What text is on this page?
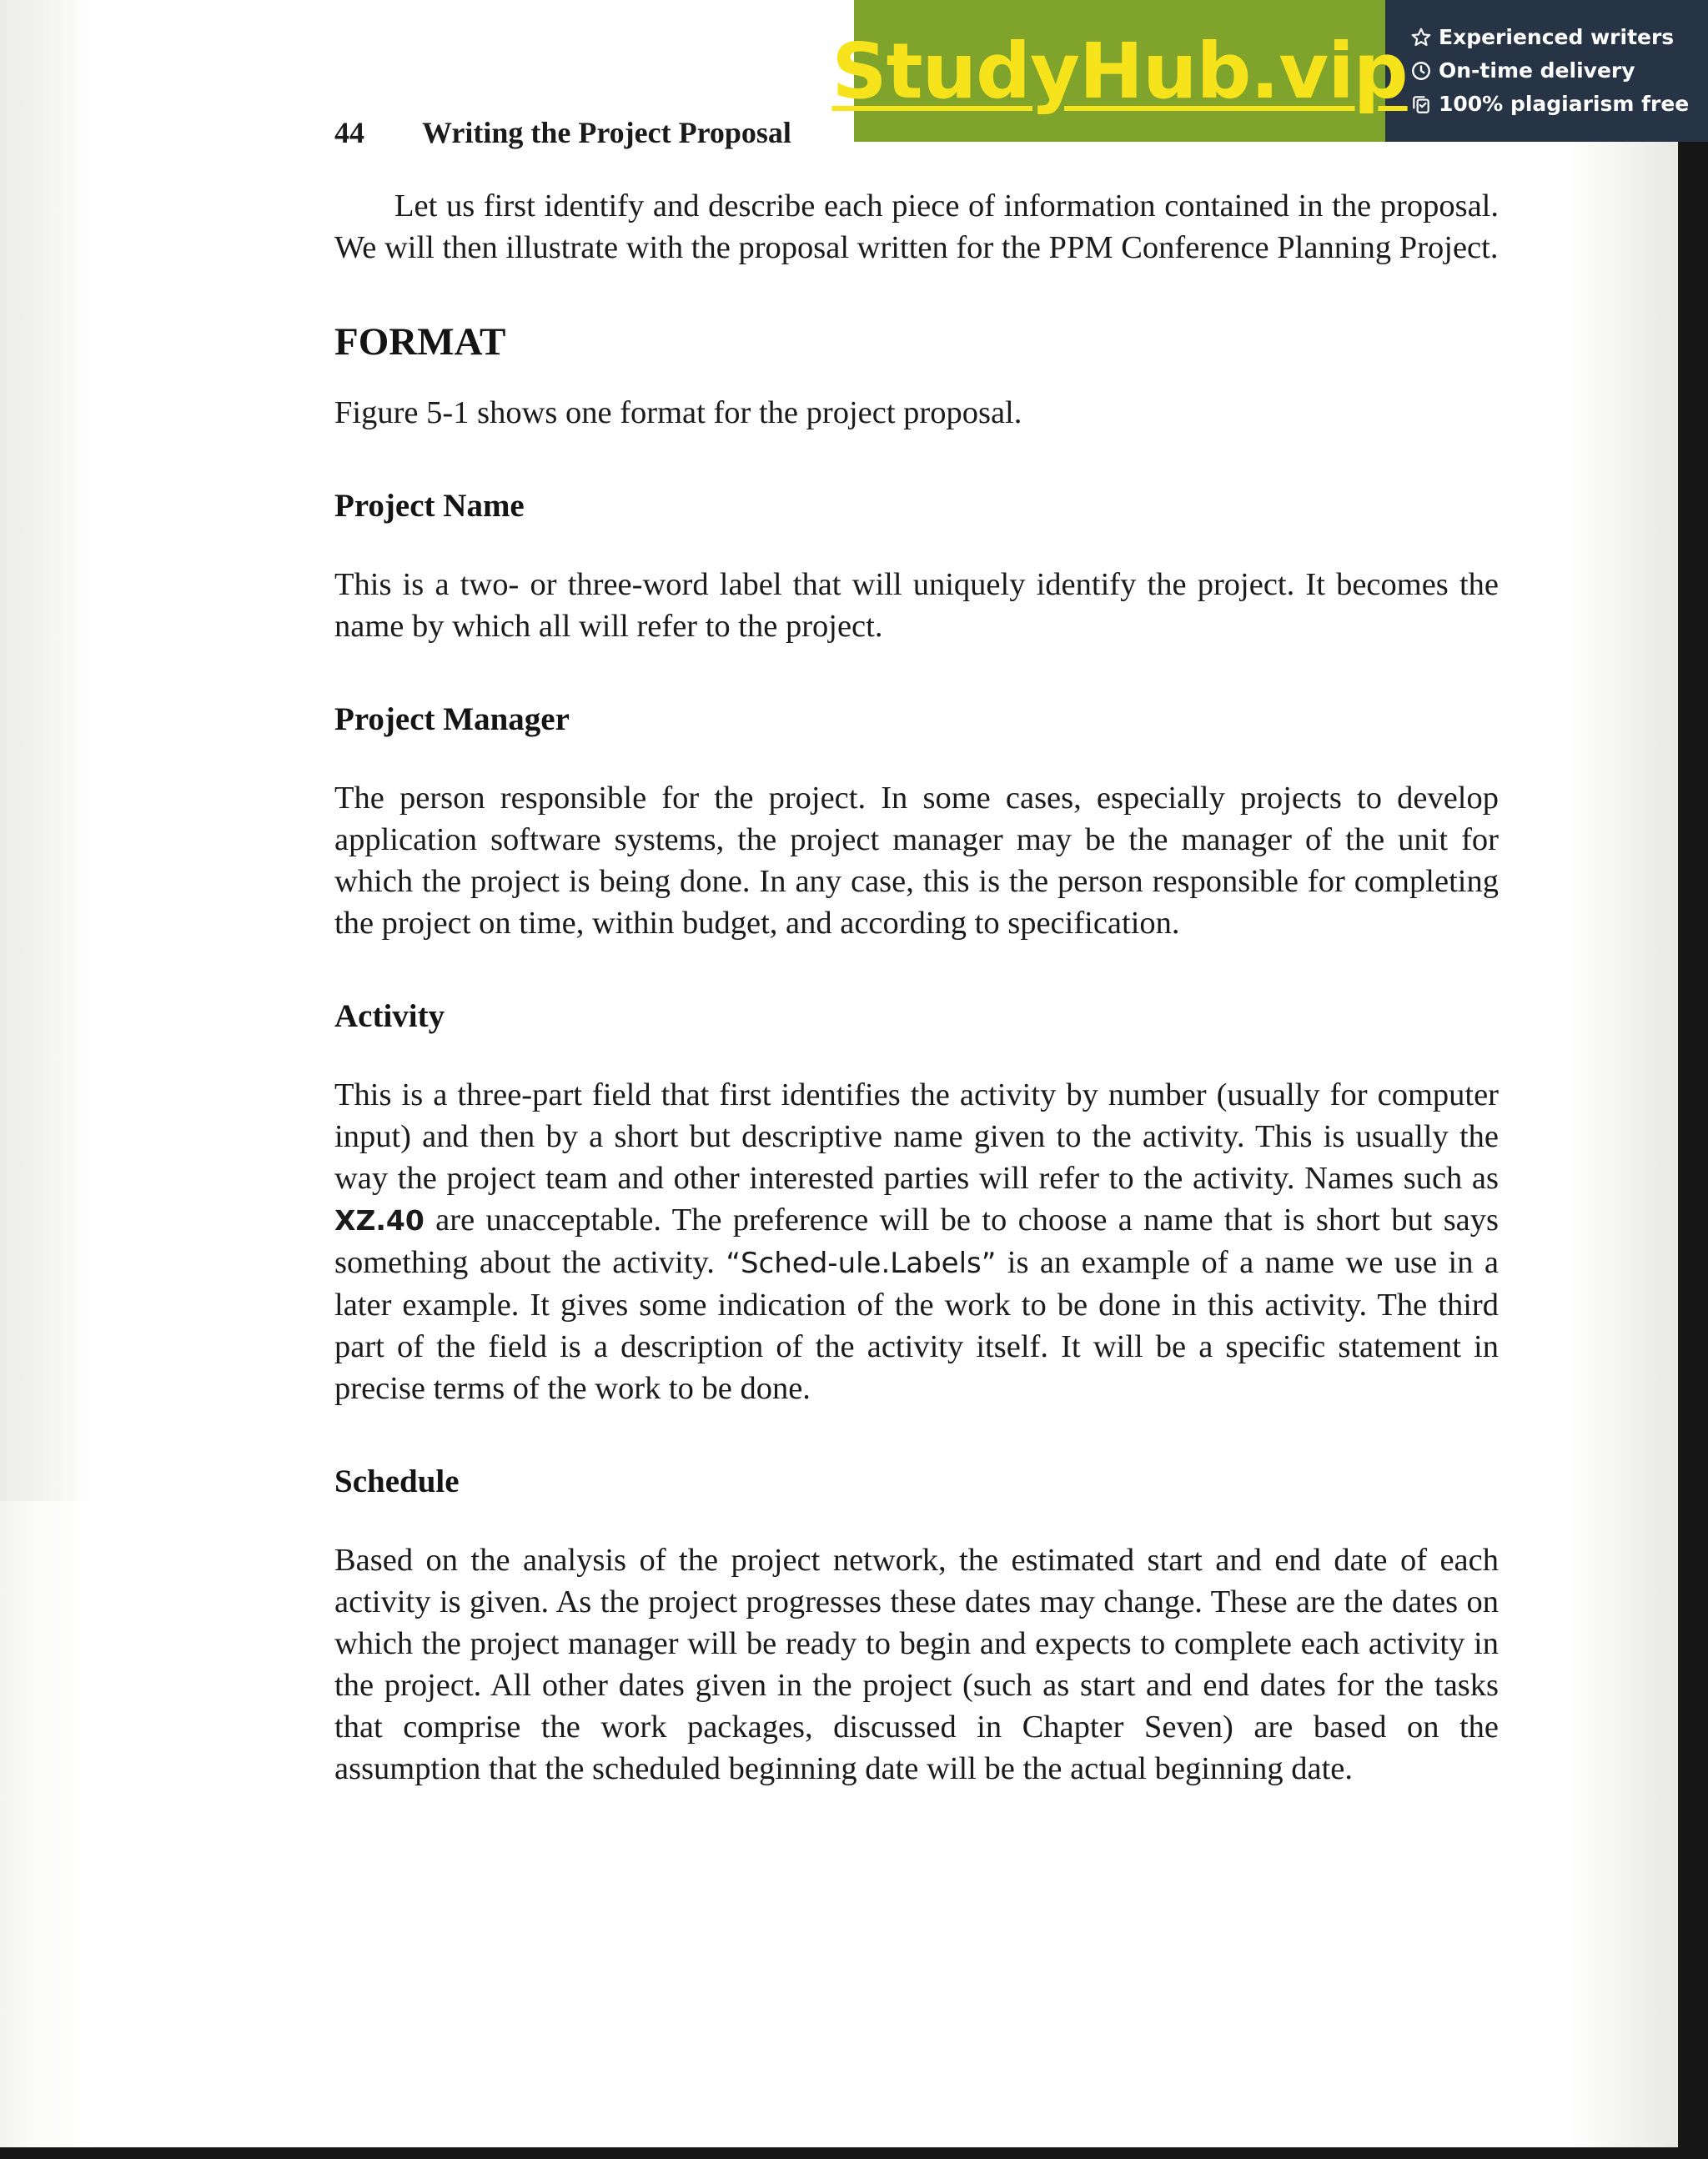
StudyHub.vip Experienced writers
On-time delivery
100% plagiarism free
44 Writing the Project Proposal

Let us first identify and describe each piece of information contained in the proposal. We will then illustrate with the proposal written for the PPM Conference Planning Project.

FORMAT

Figure 5-1 shows one format for the project proposal.

Project Name

This is a two- or three-word label that will uniquely identify the project. It becomes the name by which all will refer to the project.

Project Manager

The person responsible for the project. In some cases, especially projects to develop application software systems, the project manager may be the manager of the unit for which the project is being done. In any case, this is the person responsible for completing the project on time, within budget, and according to specification.

Activity

This is a three-part field that first identifies the activity by number (usually for computer input) and then by a short but descriptive name given to the activity. This is usually the way the project team and other interested parties will refer to the activity. Names such as XZ.40 are unacceptable. The preference will be to choose a name that is short but says something about the activity. “Sched-ule.Labels” is an example of a name we use in a later example. It gives some indication of the work to be done in this activity. The third part of the field is a description of the activity itself. It will be a specific statement in precise terms of the work to be done.

Schedule

Based on the analysis of the project network, the estimated start and end date of each activity is given. As the project progresses these dates may change. These are the dates on which the project manager will be ready to begin and expects to complete each activity in the project. All other dates given in the project (such as start and end dates for the tasks that comprise the work packages, discussed in Chapter Seven) are based on the assumption that the scheduled beginning date will be the actual beginning date.
